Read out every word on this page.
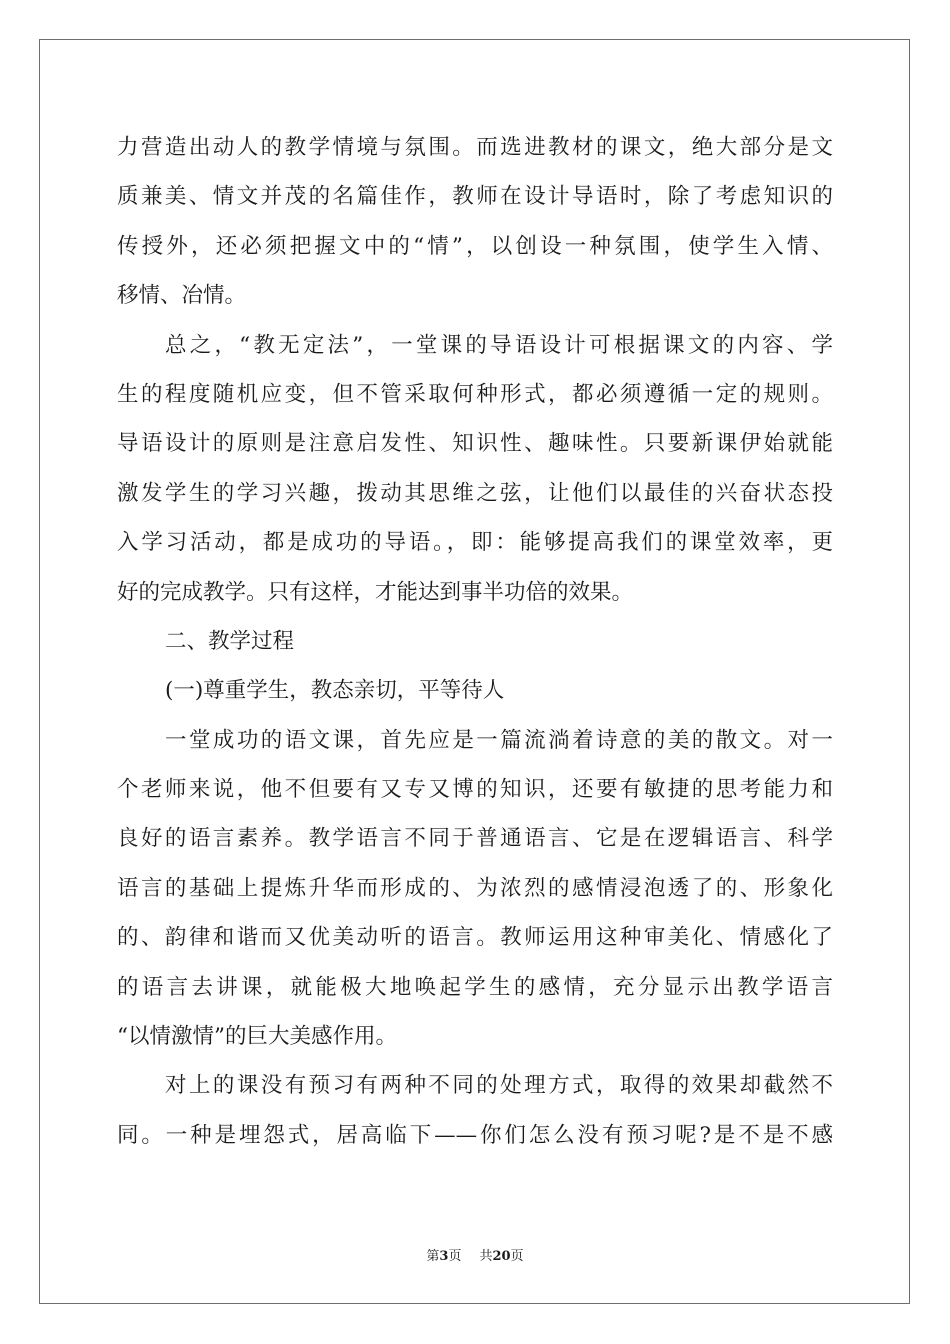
力营造出动人的教学情境与氛围。而选进教材的课文，绝大部分是文
质兼美、情文并茂的名篇佳作，教师在设计导语时，除了考虑知识的
传授外，还必须把握文中的“情”，以创设一种氛围，使学生入情、
移情、冶情。
总之，“教无定法”，一堂课的导语设计可根据课文的内容、学
生的程度随机应变，但不管采取何种形式，都必须遵循一定的规则。
导语设计的原则是注意启发性、知识性、趣味性。只要新课伊始就能
激发学生的学习兴趣，拨动其思维之弦，让他们以最佳的兴奋状态投
入学习活动，都是成功的导语。，即：能够提高我们的课堂效率，更
好的完成教学。只有这样，才能达到事半功倍的效果。
二、教学过程
(一)尊重学生，教态亲切，平等待人
一堂成功的语文课，首先应是一篇流淌着诗意的美的散文。对一
个老师来说，他不但要有又专又博的知识，还要有敏捷的思考能力和
良好的语言素养。教学语言不同于普通语言、它是在逻辑语言、科学
语言的基础上提炼升华而形成的、为浓烈的感情浸泡透了的、形象化
的、韵律和谐而又优美动听的语言。教师运用这种审美化、情感化了
的语言去讲课，就能极大地唤起学生的感情，充分显示出教学语言
“以情激情”的巨大美感作用。
对上的课没有预习有两种不同的处理方式，取得的效果却截然不
同。一种是埋怨式，居高临下——你们怎么没有预习呢?是不是不感
第3页 共20页
